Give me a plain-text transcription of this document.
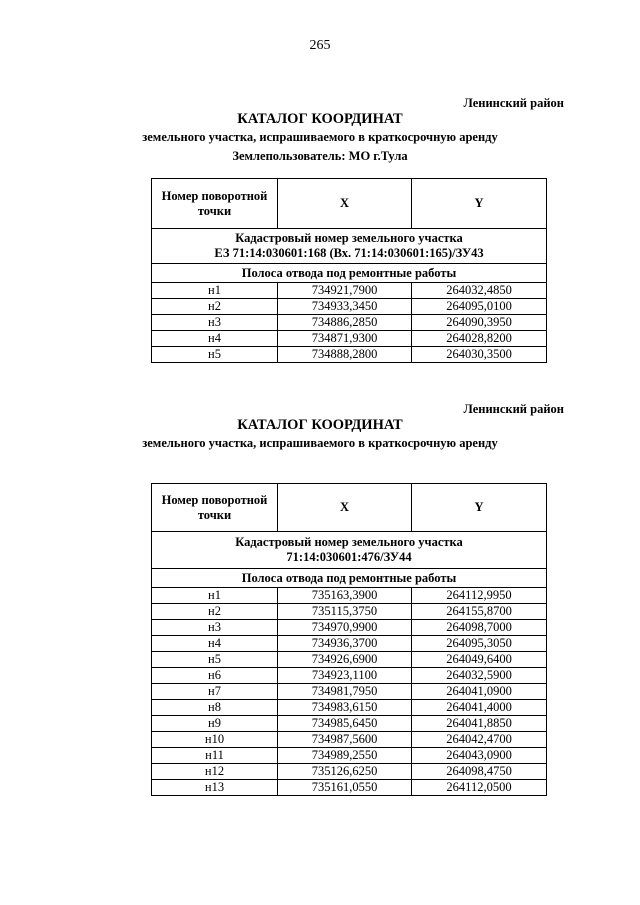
265
Ленинский район
КАТАЛОГ КООРДИНАТ
земельного участка, испрашиваемого в краткосрочную аренду
Землепользователь: МО г.Тула
Номер поворотной точки	X	Y

Кадастровый номер земельного участка
ЕЗ 71:14:030601:168 (Вх. 71:14:030601:165)/ЗУ43		

Полоса отвода под ремонтные работы		
н1	734921,7900	264032,4850
н2	734933,3450	264095,0100
н3	734886,2850	264090,3950
н4	734871,9300	264028,8200
н5	734888,2800	264030,3500
Ленинский район
КАТАЛОГ КООРДИНАТ
земельного участка, испрашиваемого в краткосрочную аренду
Номер поворотной точки	X	Y

Кадастровый номер земельного участка
71:14:030601:476/ЗУ44		

Полоса отвода под ремонтные работы		
н1	735163,3900	264112,9950
н2	735115,3750	264155,8700
н3	734970,9900	264098,7000
н4	734936,3700	264095,3050
н5	734926,6900	264049,6400
н6	734923,1100	264032,5900
н7	734981,7950	264041,0900
н8	734983,6150	264041,4000
н9	734985,6450	264041,8850
н10	734987,5600	264042,4700
н11	734989,2550	264043,0900
н12	735126,6250	264098,4750
н13	735161,0550	264112,0500
